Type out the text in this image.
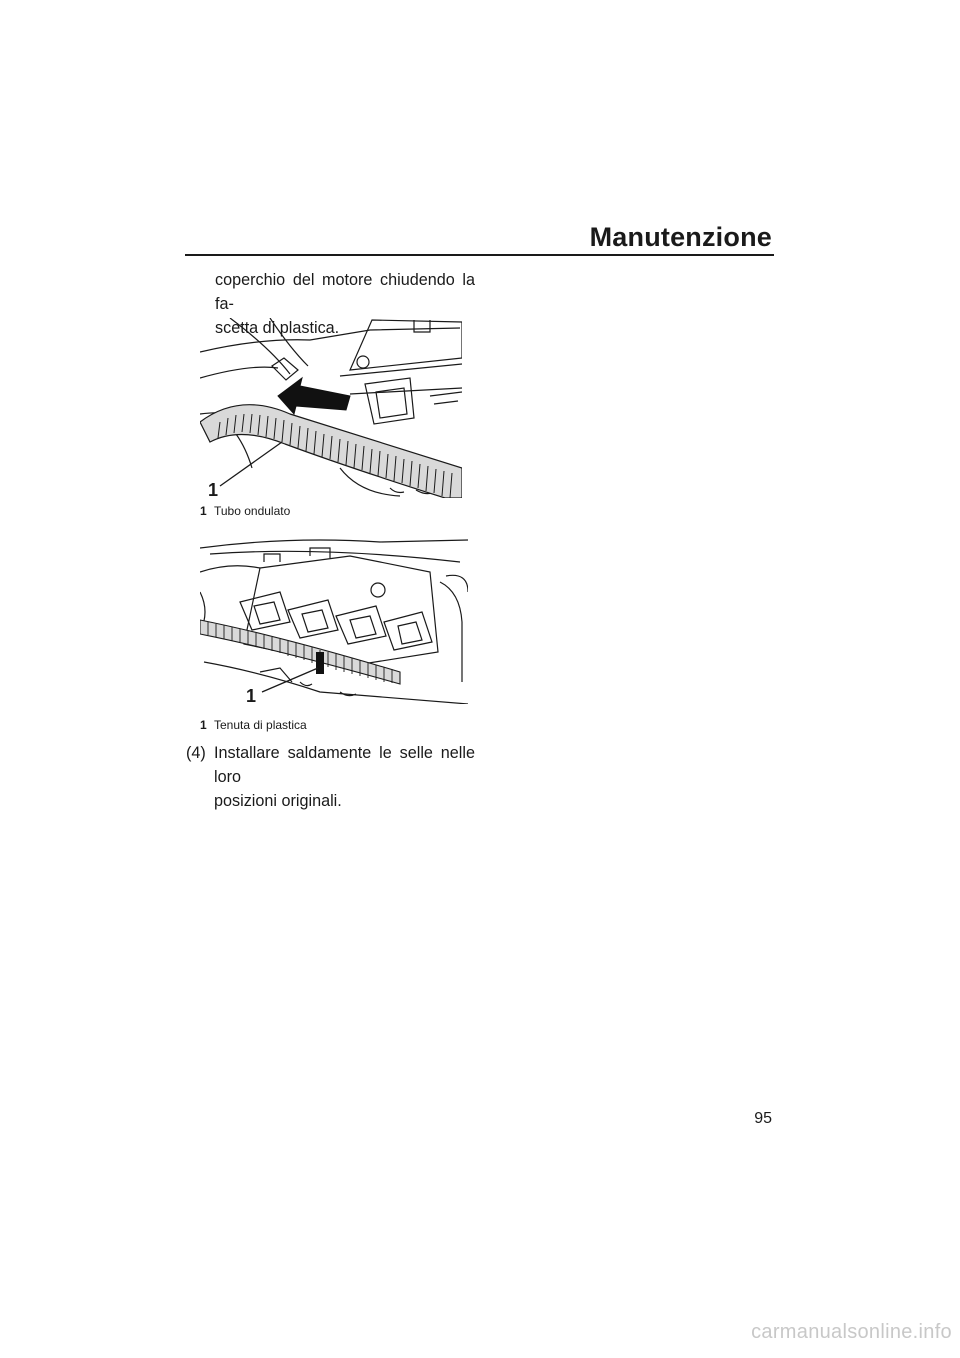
Manutenzione
coperchio del motore chiudendo la fa-
scetta di plastica.
1
1 Tubo ondulato
1
1 Tenuta di plastica
(4) Installare saldamente le selle nelle loro
posizioni originali.
95
carmanualsonline.info
